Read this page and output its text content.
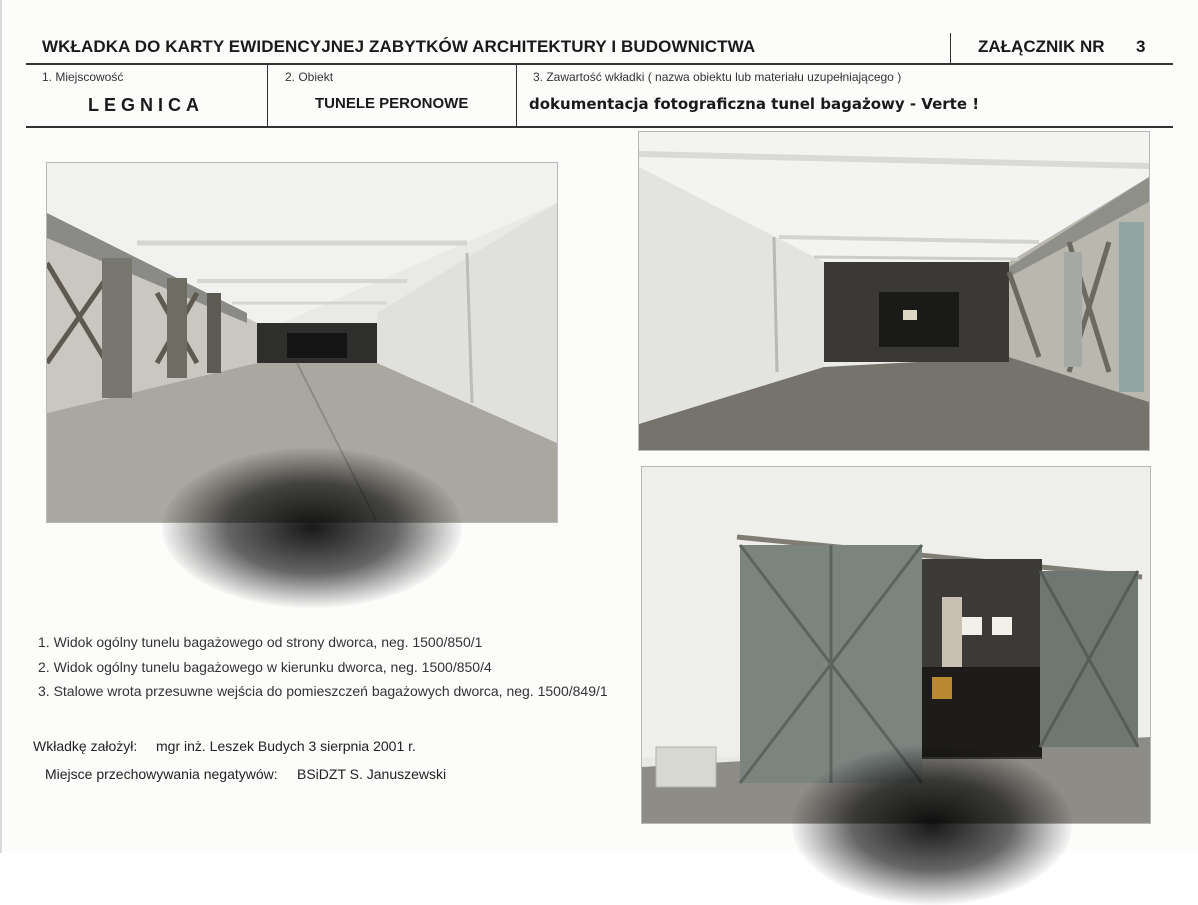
WKŁADKA DO KARTY EWIDENCYJNEJ ZABYTKÓW ARCHITEKTURY I BUDOWNICTWA	ZAŁĄCZNIK NR 3
1. Miejscowość
LEGNICA
2. Obiekt
TUNELE PERONOWE
3. Zawartość wkładki ( nazwa obiektu lub materiału uzupełniającego )
dokumentacja fotograficzna tunel bagażowy - Verte !
1. Widok ogólny tunelu bagażowego od strony dworca, neg. 1500/850/1
2. Widok ogólny tunelu bagażowego w kierunku dworca, neg. 1500/850/4
3. Stalowe wrota przesuwne wejścia do pomieszczeń bagażowych dworca, neg. 1500/849/1
Wkładkę założył: mgr inż. Leszek Budych 3 sierpnia 2001 r.
Miejsce przechowywania negatywów: BSiDZT S. Januszewski
